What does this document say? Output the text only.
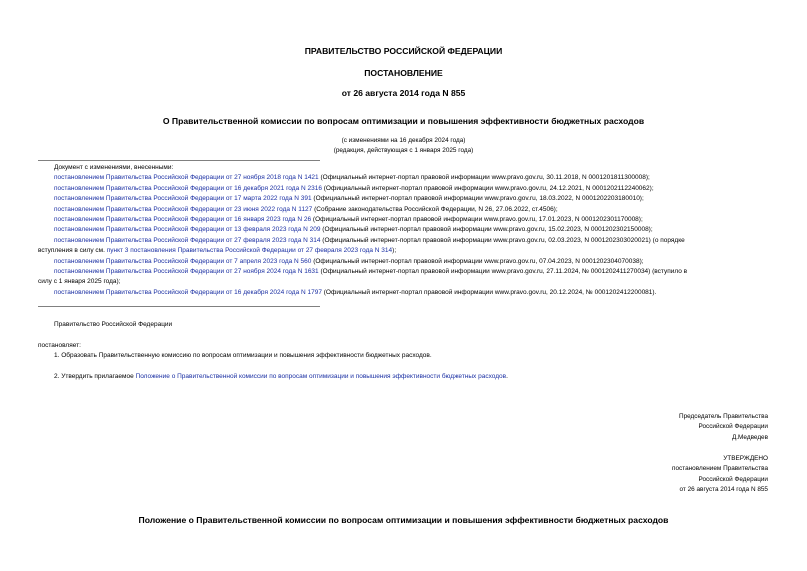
ПРАВИТЕЛЬСТВО РОССИЙСКОЙ ФЕДЕРАЦИИ
ПОСТАНОВЛЕНИЕ
от 26 августа 2014 года N 855
О Правительственной комиссии по вопросам оптимизации и повышения эффективности бюджетных расходов
(с изменениями на 16 декабря 2024 года)
(редакция, действующая с 1 января 2025 года)
Документ с изменениями, внесенными:
постановлением Правительства Российской Федерации от 27 ноября 2018 года N 1421 (Официальный интернет-портал правовой информации www.pravo.gov.ru, 30.11.2018, N 0001201811300008);
постановлением Правительства Российской Федерации от 16 декабря 2021 года N 2316 (Официальный интернет-портал правовой информации www.pravo.gov.ru, 24.12.2021, N 0001202112240062);
постановлением Правительства Российской Федерации от 17 марта 2022 года N 391 (Официальный интернет-портал правовой информации www.pravo.gov.ru, 18.03.2022, N 0001202203180010);
постановлением Правительства Российской Федерации от 23 июня 2022 года N 1127 (Собрание законодательства Российской Федерации, N 26, 27.06.2022, ст.4506);
постановлением Правительства Российской Федерации от 16 января 2023 года N 26 (Официальный интернет-портал правовой информации www.pravo.gov.ru, 17.01.2023, N 0001202301170008);
постановлением Правительства Российской Федерации от 13 февраля 2023 года N 209 (Официальный интернет-портал правовой информации www.pravo.gov.ru, 15.02.2023, N 0001202302150008);
постановлением Правительства Российской Федерации от 27 февраля 2023 года N 314 (Официальный интернет-портал правовой информации www.pravo.gov.ru, 02.03.2023, N 0001202303020021) (о порядке
вступления в силу см. пункт 3 постановления Правительства Российской Федерации от 27 февраля 2023 года N 314);
постановлением Правительства Российской Федерации от 7 апреля 2023 года N 560 (Официальный интернет-портал правовой информации www.pravo.gov.ru, 07.04.2023, N 0001202304070038);
постановлением Правительства Российской Федерации от 27 ноября 2024 года N 1631 (Официальный интернет-портал правовой информации www.pravo.gov.ru, 27.11.2024, № 0001202411270034) (вступило в
силу с 1 января 2025 года);
постановлением Правительства Российской Федерации от 16 декабря 2024 года N 1797 (Официальный интернет-портал правовой информации www.pravo.gov.ru, 20.12.2024, № 0001202412200081).
Правительство Российской Федерации
постановляет:
1. Образовать Правительственную комиссию по вопросам оптимизации и повышения эффективности бюджетных расходов.
2. Утвердить прилагаемое Положение о Правительственной комиссии по вопросам оптимизации и повышения эффективности бюджетных расходов.
Председатель Правительства
Российской Федерации
Д.Медведев
УТВЕРЖДЕНО
постановлением Правительства
Российской Федерации
от 26 августа 2014 года N 855
Положение о Правительственной комиссии по вопросам оптимизации и повышения эффективности бюджетных расходов
